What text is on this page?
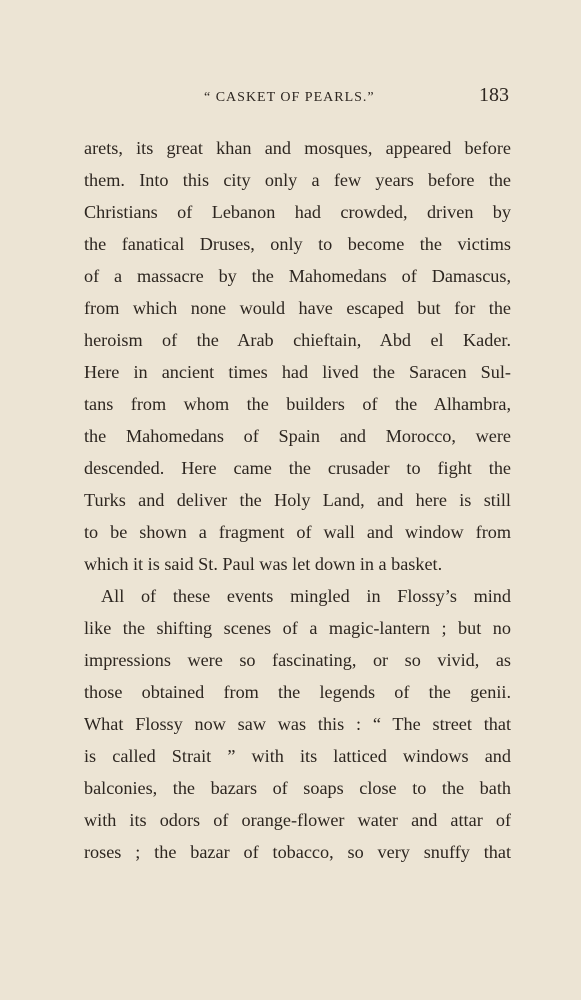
“ CASKET OF PEARLS.”	183
arets, its great khan and mosques, appeared before
them. Into this city only a few years before the
Christians of Lebanon had crowded, driven by
the fanatical Druses, only to become the victims
of a massacre by the Mahomedans of Damascus,
from which none would have escaped but for the
heroism of the Arab chieftain, Abd el Kader.
Here in ancient times had lived the Saracen Sul-
tans from whom the builders of the Alhambra,
the Mahomedans of Spain and Morocco, were
descended. Here came the crusader to fight the
Turks and deliver the Holy Land, and here is still
to be shown a fragment of wall and window from
which it is said St. Paul was let down in a basket.
All of these events mingled in Flossy’s mind
like the shifting scenes of a magic-lantern ; but no
impressions were so fascinating, or so vivid, as
those obtained from the legends of the genii.
What Flossy now saw was this : “ The street that
is called Strait ” with its latticed windows and
balconies, the bazars of soaps close to the bath
with its odors of orange-flower water and attar of
roses ; the bazar of tobacco, so very snuffy that
